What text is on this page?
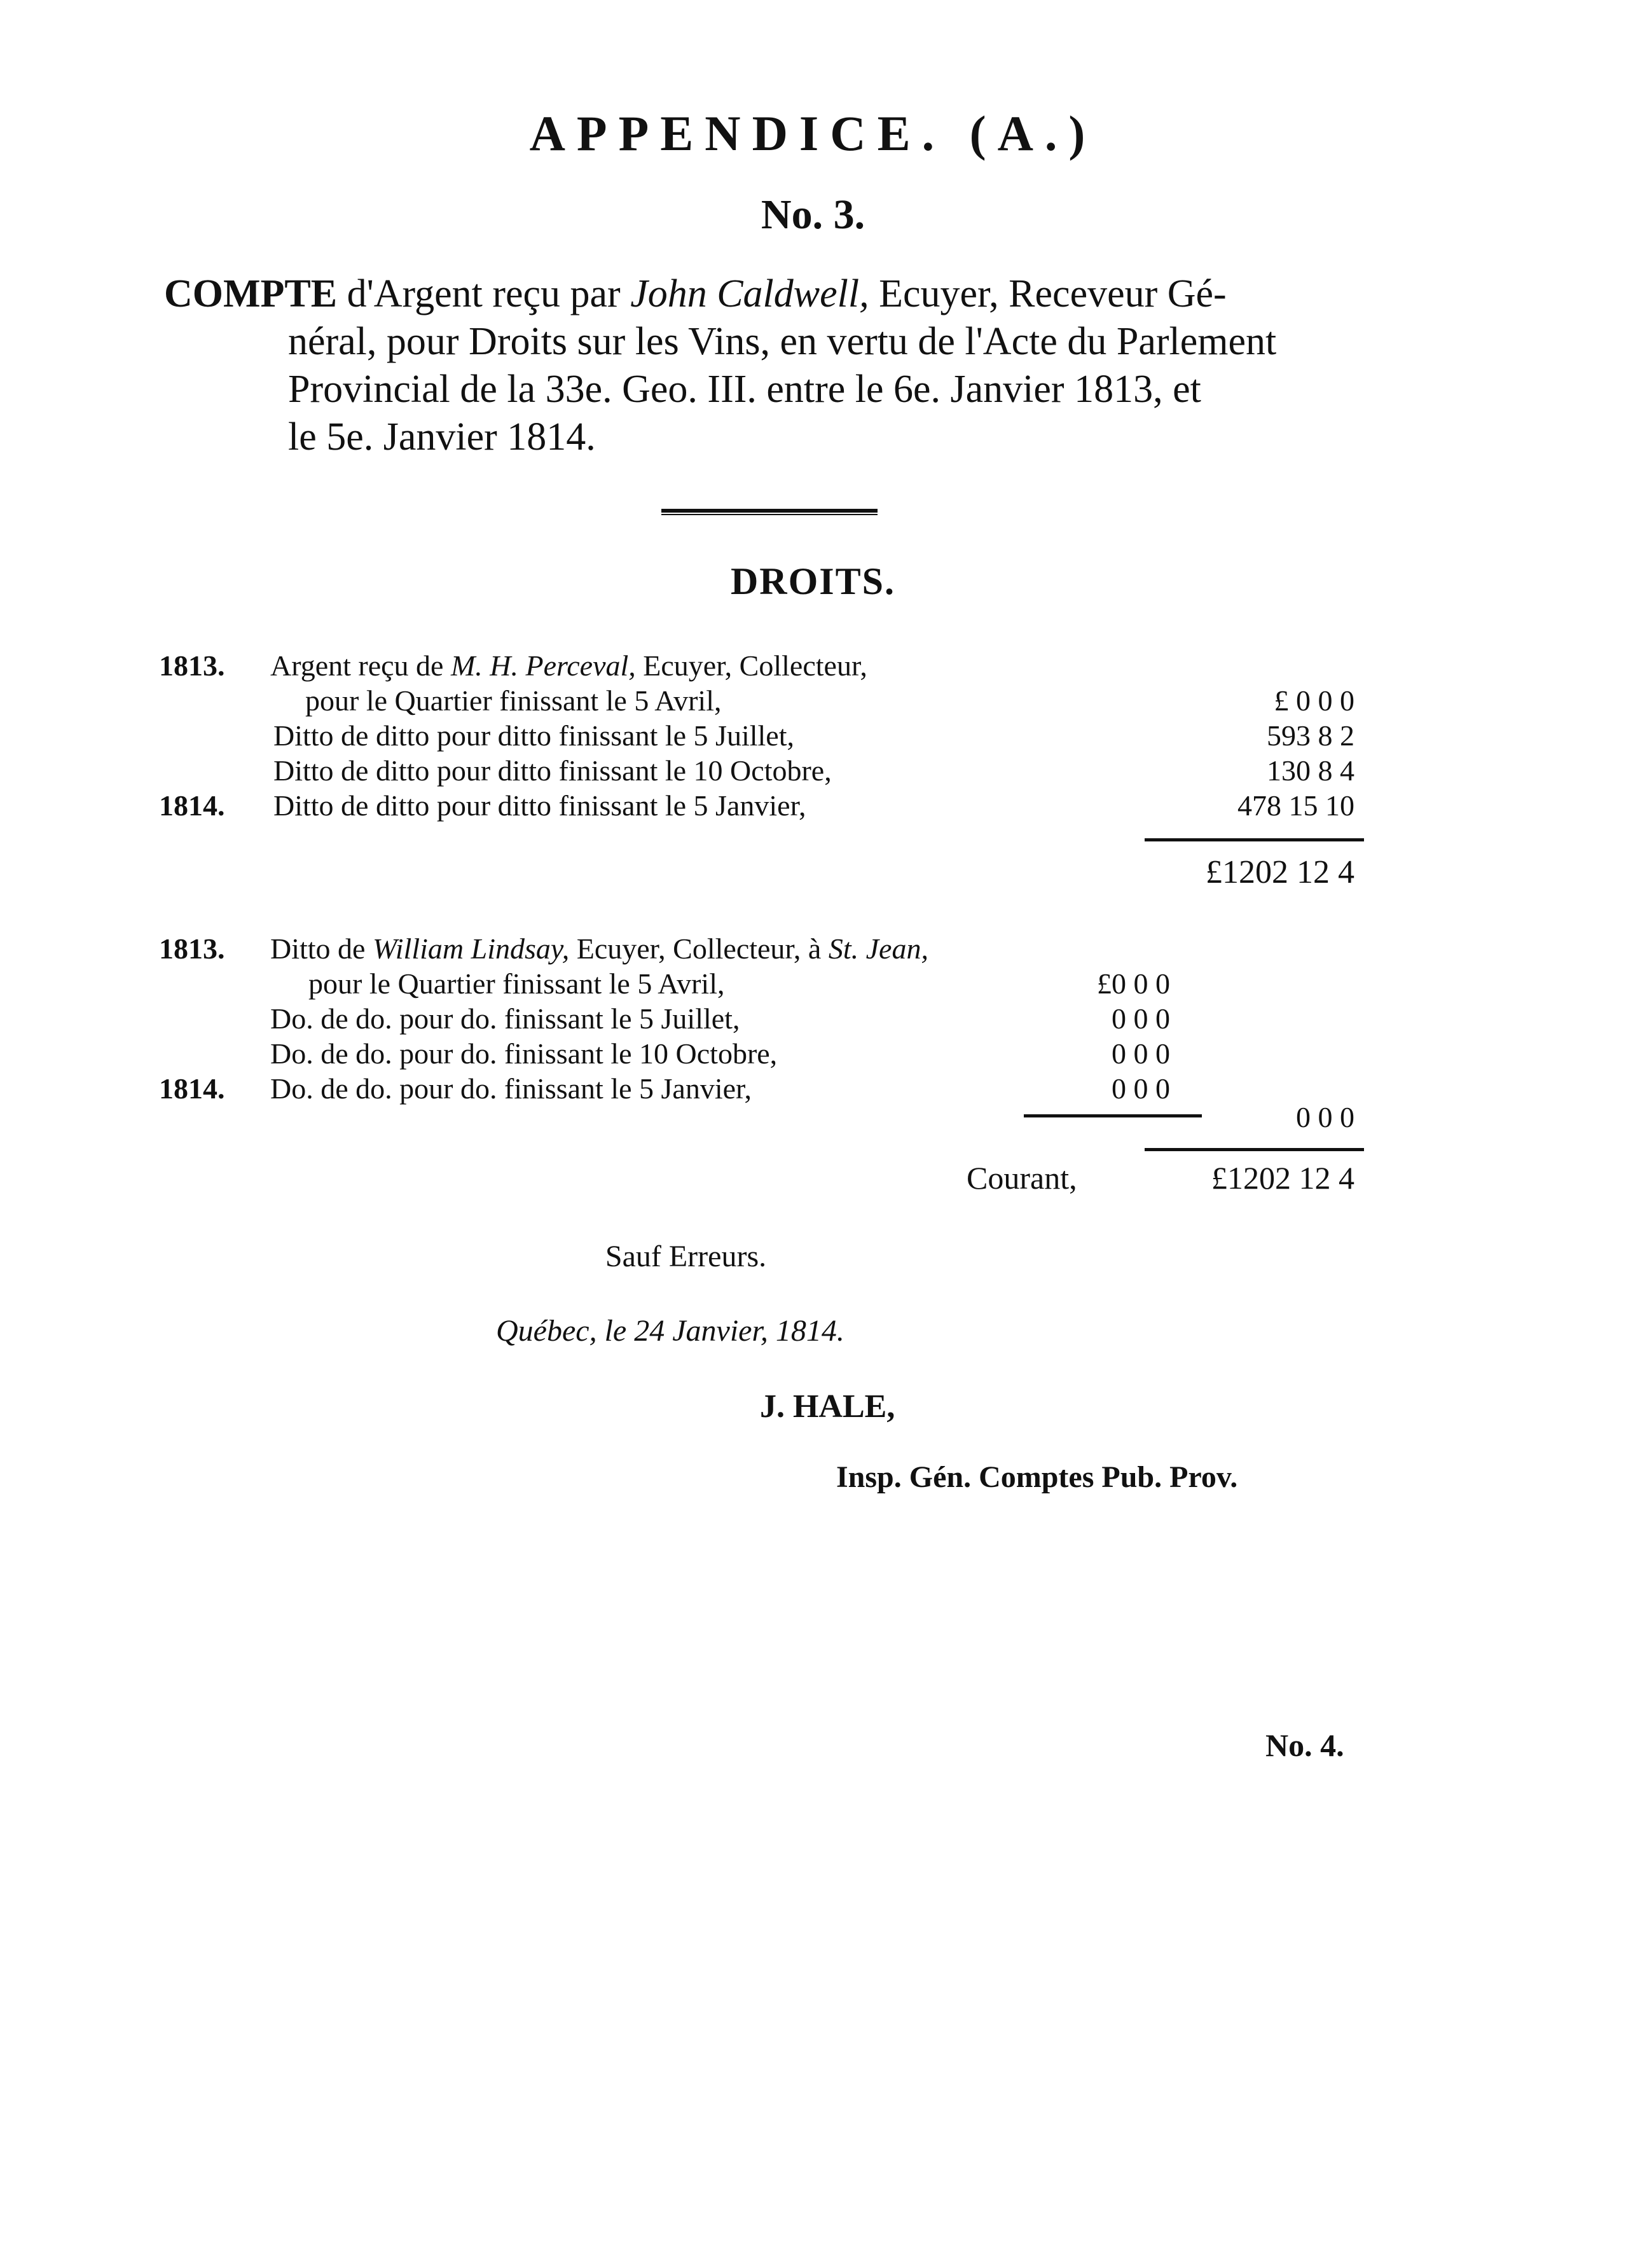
APPENDICE. (A.)
No. 3.
COMPTE d'Argent reçu par John Caldwell, Ecuyer, Receveur Gé-
néral, pour Droits sur les Vins, en vertu de l'Acte du Parlement
Provincial de la 33e. Geo. III. entre le 6e. Janvier 1813, et
le 5e. Janvier 1814.
DROITS.
1813. Argent reçu de M. H. Perceval, Ecuyer, Collecteur,
pour le Quartier finissant le 5 Avril,	£ 0 0 0
Ditto de ditto pour ditto finissant le 5 Juillet,	593 8 2
Ditto de ditto pour ditto finissant le 10 Octobre,	130 8 4
1814. Ditto de ditto pour ditto finissant le 5 Janvier,	478 15 10
£1202 12 4
1813. Ditto de William Lindsay, Ecuyer, Collecteur, à St. Jean,
pour le Quartier finissant le 5 Avril,	£0 0 0
Do. de do. pour do. finissant le 5 Juillet,	0 0 0
Do. de do. pour do. finissant le 10 Octobre,	0 0 0
1814. Do. de do. pour do. finissant le 5 Janvier,	0 0 0
0 0 0
Courant,	£1202 12 4
Sauf Erreurs.
Québec, le 24 Janvier, 1814.
J. HALE,
Insp. Gén. Comptes Pub. Prov.
No. 4.
